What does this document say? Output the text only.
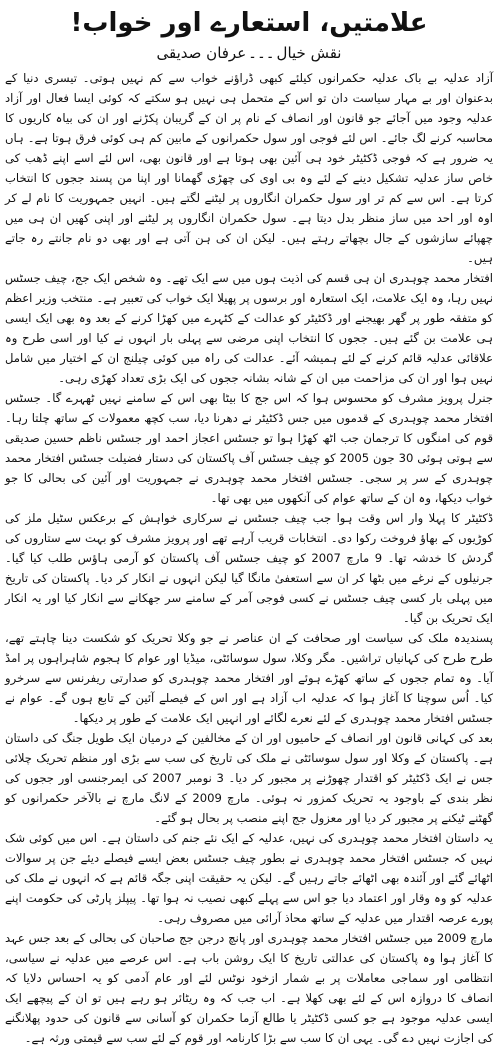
علامتیں، استعارے اور خواب!
نقش خیال۔۔۔عرفان صدیقی

آزاد عدلیہ بے باک عدلیہ حکمرانوں کیلئے کبھی ڈراؤنے خواب سے کم نہیں ہوتی۔ تیسری دنیا کے بدعنوان اور بے مہار سیاست دان تو اس کے متحمل ہی نہیں ہو سکتے کہ کوئی ایسا فعال اور آزاد عدلیہ وجود میں آجائے جو قانون اور انصاف کے نام پر ان کے گریبان پکڑنے اور ان کی بیاہ کاریوں کا محاسبہ کرنے لگ جائے۔ اس لئے فوجی اور سول حکمرانوں کے مابین کم ہی کوئی فرق ہوتا ہے۔ ہاں یہ ضرور ہے کہ فوجی ڈکٹیٹر خود ہی آئین بھی ہوتا ہے اور قانون بھی، اس لئے اسے اپنے ڈھب کی خاص ساز عدلیہ تشکیل دینے کے لئے وہ بی اوی کی چھڑی گھمانا اور اپنا من پسند ججوں کا انتخاب کرتا ہے۔ اس سے کم تر اور سول حکمران انگاروں پر لیٹنے لگتے ہیں۔ انہیں جمہوریت کا نام لے کر اوہ اور احد میں ساز منظر بدل دیتا ہے۔ سول حکمران انگاروں پر لیٹنے اور اپنی کھیں ان ہی میں چھپائے سازشوں کے جال بچھاتے رہتے ہیں۔ لیکن ان کی ہن آتی ہے اور بھی دو نام جانتے رہ جاتے ہیں۔

افتخار محمد چوہدری ان ہی قسم کی اذیت ہوں میں سے ایک تھے۔ وہ شخص ایک جج، چیف جسٹس نہیں رہا، وہ ایک علامت، ایک استعارہ اور برسوں پر پھیلا ایک خواب کی تعبیر ہے۔ منتخب وزیر اعظم کو متفقہ طور پر گھر بھیجنے اور ڈکٹیٹر کو عدالت کے کٹہرے میں کھڑا کرنے کے بعد وہ بھی ایک ایسی ہی علامت بن گئے ہیں۔ ججوں کا انتخاب اپنی مرضی سے پہلی بار انہوں نے کیا اور اسی طرح وہ علاقائی عدلیہ قائم کرنے کے لئے ہمیشہ آئے۔ عدالت کی راہ میں کوئی چیلنج ان کے اختیار میں شامل نہیں ہوا اور ان کی مزاحمت میں ان کے شانہ بشانہ ججوں کی ایک بڑی تعداد کھڑی رہی۔

جنرل پرویز مشرف کو محسوس ہوا کہ اس جج کا بیٹا بھی اس کے سامنے نہیں ٹھہرے گا۔ جسٹس افتخار محمد چوہدری کے قدموں میں جس ڈکٹیٹر نے دھرنا دیا، سب کچھ معمولات کے ساتھ چلتا رہا۔ قوم کی امنگوں کا ترجمان جب اٹھ کھڑا ہوا تو جسٹس اعجاز احمد اور جسٹس ناظم حسین صدیقی سے ہوتی ہوئی 30 جون 2005 کو چیف جسٹس آف پاکستان کی دستار فضیلت جسٹس افتخار محمد چوہدری کے سر پر سجی۔ جسٹس افتخار محمد چوہدری نے جمہوریت اور آئین کی بحالی کا جو خواب دیکھا، وہ ان کے ساتھ عوام کی آنکھوں میں بھی تھا۔

ڈکٹیٹر کا پہلا وار اس وقت ہوا جب چیف جسٹس نے سرکاری خواہش کے برعکس سٹیل ملز کی کوڑیوں کے بھاؤ فروخت رکوا دی۔ انتخابات قریب آرہے تھے اور پرویز مشرف کو بہت سے ستاروں کی گردش کا خدشہ تھا۔ 9 مارچ 2007 کو چیف جسٹس آف پاکستان کو آرمی ہاؤس طلب کیا گیا۔ جرنیلوں کے نرغے میں بٹھا کر ان سے استعفیٰ مانگا گیا لیکن انہوں نے انکار کر دیا۔ پاکستان کی تاریخ میں پہلی بار کسی چیف جسٹس نے کسی فوجی آمر کے سامنے سر جھکانے سے انکار کیا اور یہ انکار ایک تحریک بن گیا۔

پسندیدہ ملک کی سیاست اور صحافت کے ان عناصر نے جو وکلا تحریک کو شکست دینا چاہتے تھے، طرح طرح کی کہانیاں تراشیں۔ مگر وکلا، سول سوسائٹی، میڈیا اور عوام کا ہجوم شاہراہوں پر امڈ آیا۔ وہ تمام ججوں کے ساتھ کھڑے ہوئے اور افتخار محمد چوہدری کو صدارتی ریفرنس سے سرخرو کیا۔ اُس سوچنا کا آغاز ہوا کہ عدلیہ اب آزاد ہے اور اس کے فیصلے آئین کے تابع ہوں گے۔ عوام نے جسٹس افتخار محمد چوہدری کے لئے نعرے لگائے اور انہیں ایک علامت کے طور پر دیکھا۔

بعد کی کہانی قانون اور انصاف کے حامیوں اور ان کے مخالفین کے درمیان ایک طویل جنگ کی داستان ہے۔ پاکستان کے وکلا اور سول سوسائٹی نے ملک کی تاریخ کی سب سے بڑی اور منظم تحریک چلائی جس نے ایک ڈکٹیٹر کو اقتدار چھوڑنے پر مجبور کر دیا۔ 3 نومبر 2007 کی ایمرجنسی اور ججوں کی نظر بندی کے باوجود یہ تحریک کمزور نہ ہوئی۔ مارچ 2009 کے لانگ مارچ نے بالآخر حکمرانوں کو گھٹنے ٹیکنے پر مجبور کر دیا اور معزول جج اپنے منصب پر بحال ہو گئے۔

یہ داستان افتخار محمد چوہدری کی نہیں، عدلیہ کے ایک نئے جنم کی داستان ہے۔ اس میں کوئی شک نہیں کہ جسٹس افتخار محمد چوہدری نے بطور چیف جسٹس بعض ایسے فیصلے دیئے جن پر سوالات اٹھائے گئے اور آئندہ بھی اٹھائے جاتے رہیں گے۔ لیکن یہ حقیقت اپنی جگہ قائم ہے کہ انہوں نے ملک کی عدلیہ کو وہ وقار اور اعتماد دیا جو اس سے پہلے کبھی نصیب نہ ہوا تھا۔ پیپلز پارٹی کی حکومت اپنے پورے عرصہ اقتدار میں عدلیہ کے ساتھ محاذ آرائی میں مصروف رہی۔

مارچ 2009 میں جسٹس افتخار محمد چوہدری اور پانچ درجن جج صاحبان کی بحالی کے بعد جس عہد کا آغاز ہوا وہ پاکستان کی عدالتی تاریخ کا ایک روشن باب ہے۔ اس عرصے میں عدلیہ نے سیاسی، انتظامی اور سماجی معاملات پر بے شمار ازخود نوٹس لئے اور عام آدمی کو یہ احساس دلایا کہ انصاف کا دروازہ اس کے لئے بھی کھلا ہے۔ اب جب کہ وہ ریٹائر ہو رہے ہیں تو ان کے پیچھے ایک ایسی عدلیہ موجود ہے جو کسی ڈکٹیٹر یا طالع آزما حکمران کو آسانی سے قانون کی حدود پھلانگنے کی اجازت نہیں دے گی۔ یہی ان کا سب سے بڑا کارنامہ اور قوم کے لئے سب سے قیمتی ورثہ ہے۔
